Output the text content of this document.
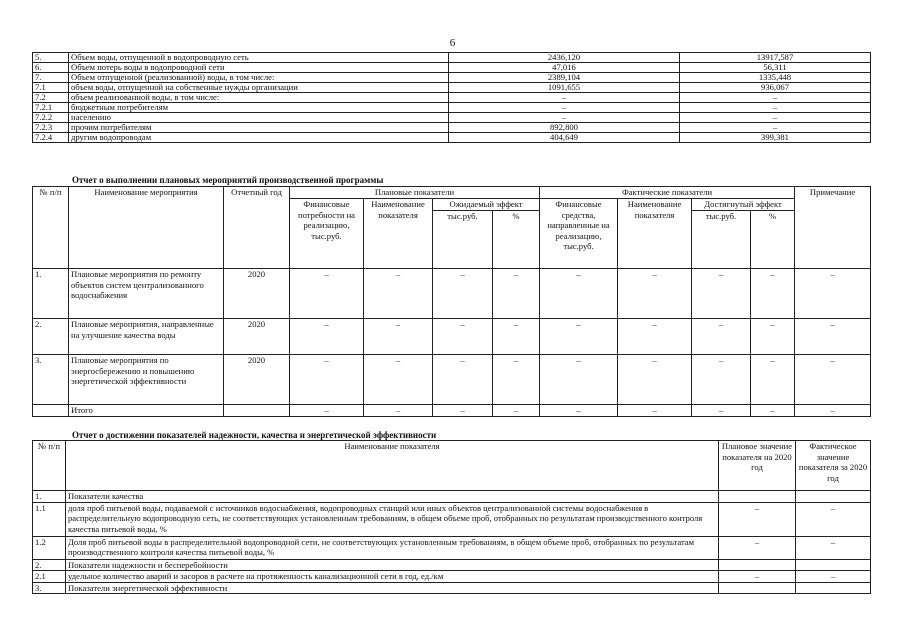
6
5.	Объем воды, отпущенной в водопроводную сеть	2436,120	13917,587
6.	Объем потерь воды в водопроводной сети	47,016	56,311
7.	Объем отпущенной (реализованной) воды, в том числе:	2389,104	1335,448
7.1	объем воды, отпущенной на собственные нужды организации	1091,655	936,067
7.2	объем реализованной воды, в том числе:	–	–
7.2.1	бюджетным потребителям	–	–
7.2.2	населению	–	–
7.2.3	прочим потребителям	892,800	–
7.2.4	другим водопроводам	404,649	399,381
Отчет о выполнении плановых мероприятий производственной программы
№ п/п	Наименование мероприятия	Отчетный год	Плановые показатели				Фактические показатели				Примечание
			Финансовые потребности на реализацию, тыс.руб.	Наименование показателя	Ожидаемый эффект		Финансовые средства, направленные на реализацию, тыс.руб.	Наименование показателя	Достигнутый эффект		
					тыс.руб.	%			тыс.руб.	%	
1.	Плановые мероприятия по ремонту объектов систем централизованного водоснабжения	2020	–	–	–	–	–	–	–	–	–
2.	Плановые мероприятия, направленные на улучшение качества воды	2020	–	–	–	–	–	–	–	–	–
3.	Плановые мероприятия по энергосбережению и повышению энергетической эффективности	2020	–	–	–	–	–	–	–	–	–
	Итого		–	–	–	–	–	–	–	–	–
Отчет о достижении показателей надежности, качества и энергетической эффективности
№ п/п	Наименование показателя	Плановое значение показателя на 2020 год	Фактическое значение показателя за 2020 год
1.	Показатели качества		
1.1	доля проб питьевой воды, подаваемой с источников водоснабжения, водопроводных станций или иных объектов централизованной системы водоснабжения в распределительную водопроводную сеть, не соответствующих установленным требованиям, в общем объеме проб, отобранных по результатам производственного контроля качества питьевой воды, %	–	–
1.2	Доля проб питьевой воды в распределительной водопроводной сети, не соответствующих установленным требованиям, в общем объеме проб, отобранных по результатам производственного контроля качества питьевой воды, %	–	–
2.	Показатели надежности и бесперебойности		
2.1	удельное количество аварий и засоров в расчете на протяженность канализационной сети в год, ед./км	–	–
3.	Показатели энергетической эффективности		
